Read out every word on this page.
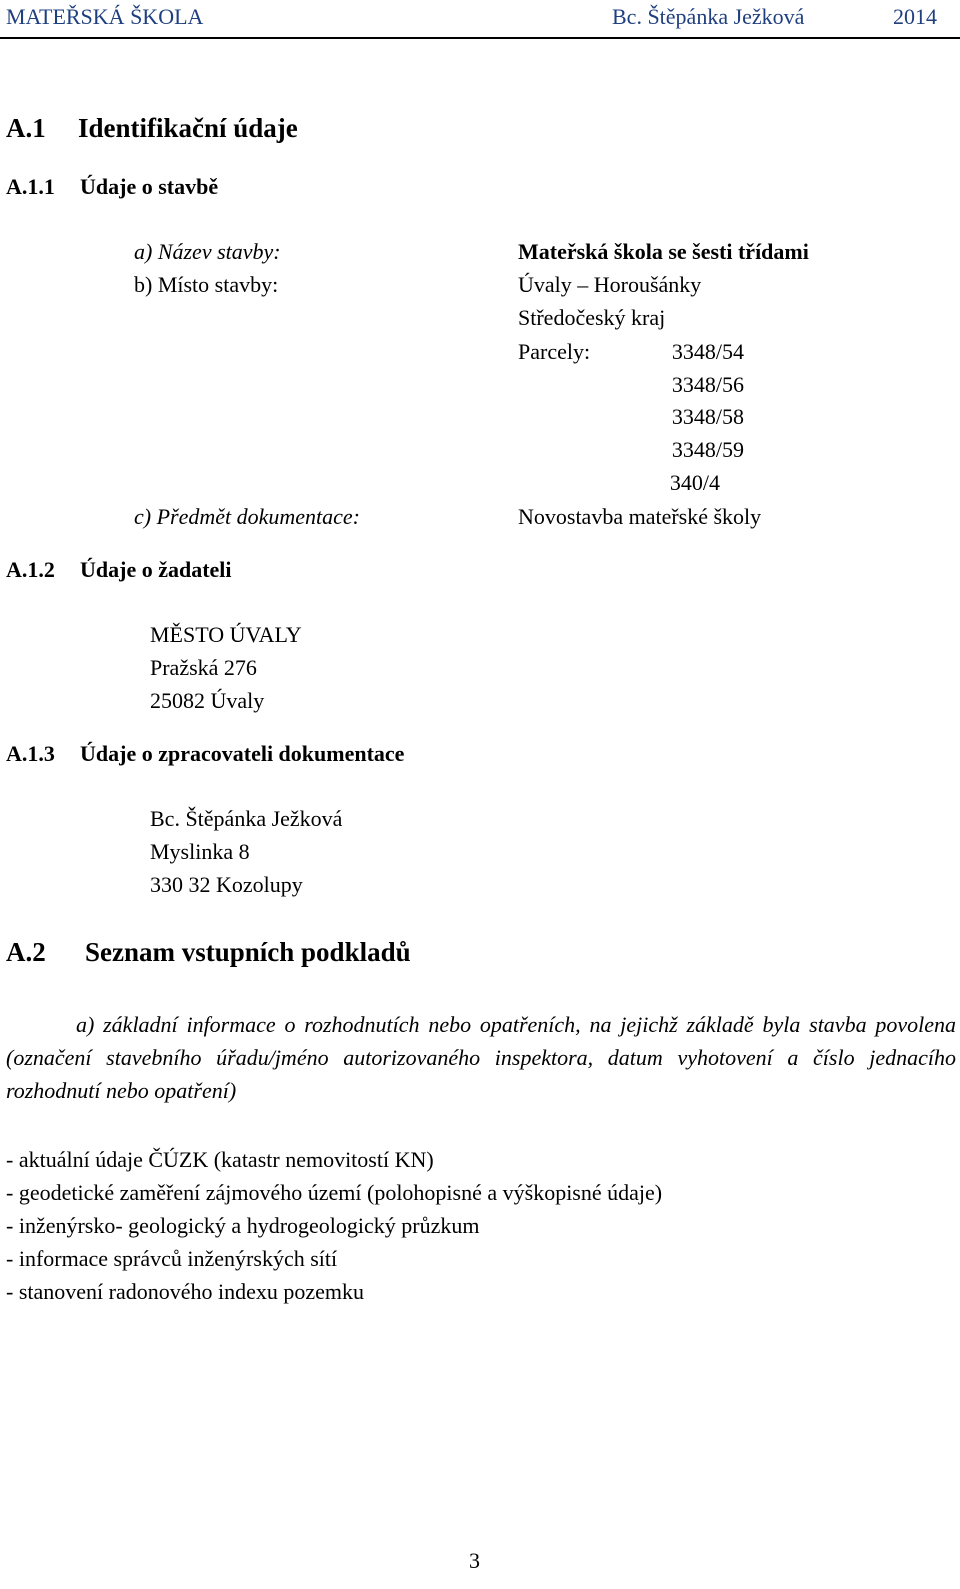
MATEŘSKÁ ŠKOLA	Bc. Štěpánka Ježková	2014
A.1 Identifikační údaje
A.1.1 Údaje o stavbě
a) Název stavby:	Mateřská škola se šesti třídami
b) Místo stavby:	Úvaly – Horoušánky
Středočeský kraj
Parcely:	3348/54
3348/56
3348/58
3348/59
340/4
c) Předmět dokumentace:	Novostavba mateřské školy
A.1.2 Údaje o žadateli
MĚSTO ÚVALY
Pražská 276
25082 Úvaly
A.1.3 Údaje o zpracovateli dokumentace
Bc. Štěpánka Ježková
Myslinka 8
330 32 Kozolupy
A.2 Seznam vstupních podkladů
a) základní informace o rozhodnutích nebo opatřeních, na jejichž základě byla stavba povolena (označení stavebního úřadu/jméno autorizovaného inspektora, datum vyhotovení a číslo jednacího rozhodnutí nebo opatření)
- aktuální údaje ČÚZK (katastr nemovitostí KN)
- geodetické zaměření zájmového území (polohopisné a výškopisné údaje)
- inženýrsko- geologický a hydrogeologický průzkum
- informace správců inženýrských sítí
- stanovení radonového indexu pozemku
3
